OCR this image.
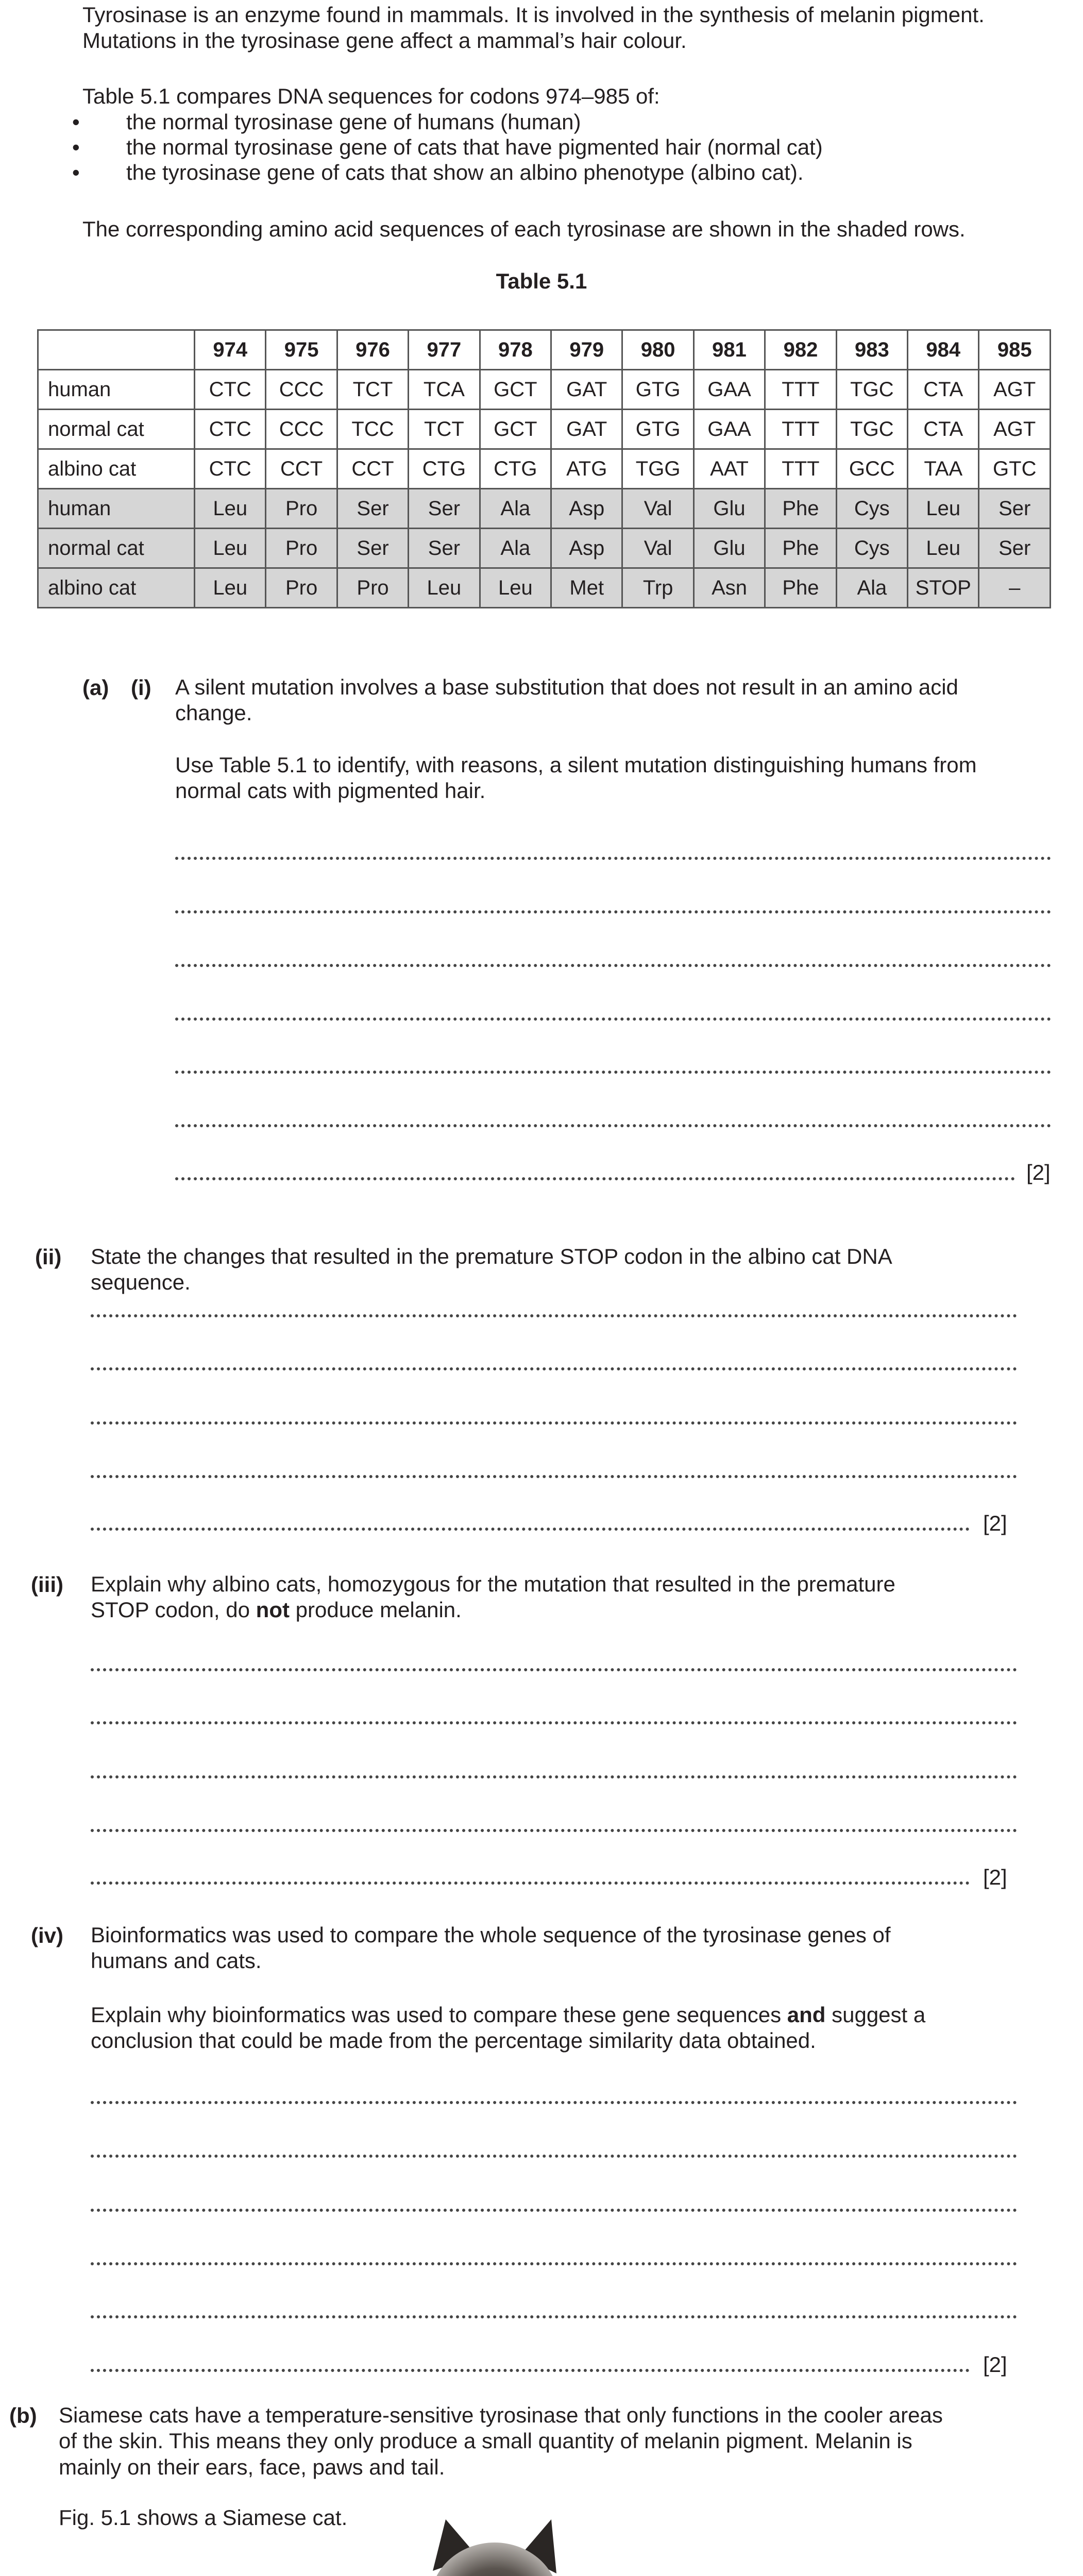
Tyrosinase is an enzyme found in mammals. It is involved in the synthesis of melanin pigment.
Mutations in the tyrosinase gene affect a mammal’s hair colour.
Table 5.1 compares DNA sequences for codons 974–985 of:
• the normal tyrosinase gene of humans (human)
• the normal tyrosinase gene of cats that have pigmented hair (normal cat)
• the tyrosinase gene of cats that show an albino phenotype (albino cat).
The corresponding amino acid sequences of each tyrosinase are shown in the shaded rows.
Table 5.1
	974	975	976	977	978	979	980	981	982	983	984	985
human	CTC	CCC	TCT	TCA	GCT	GAT	GTG	GAA	TTT	TGC	CTA	AGT
normal cat	CTC	CCC	TCC	TCT	GCT	GAT	GTG	GAA	TTT	TGC	CTA	AGT
albino cat	CTC	CCT	CCT	CTG	CTG	ATG	TGG	AAT	TTT	GCC	TAA	GTC
human	Leu	Pro	Ser	Ser	Ala	Asp	Val	Glu	Phe	Cys	Leu	Ser
normal cat	Leu	Pro	Ser	Ser	Ala	Asp	Val	Glu	Phe	Cys	Leu	Ser
albino cat	Leu	Pro	Pro	Leu	Leu	Met	Trp	Asn	Phe	Ala	STOP	–
(a) (i) A silent mutation involves a base substitution that does not result in an amino acid
change.
Use Table 5.1 to identify, with reasons, a silent mutation distinguishing humans from
normal cats with pigmented hair.
[2]
(ii) State the changes that resulted in the premature STOP codon in the albino cat DNA
sequence.
[2]
(iii) Explain why albino cats, homozygous for the mutation that resulted in the premature
STOP codon, do not produce melanin.
[2]
(iv) Bioinformatics was used to compare the whole sequence of the tyrosinase genes of
humans and cats.
Explain why bioinformatics was used to compare these gene sequences and suggest a
conclusion that could be made from the percentage similarity data obtained.
[2]
(b) Siamese cats have a temperature-sensitive tyrosinase that only functions in the cooler areas
of the skin. This means they only produce a small quantity of melanin pigment. Melanin is
mainly on their ears, face, paws and tail.
Fig. 5.1 shows a Siamese cat.
